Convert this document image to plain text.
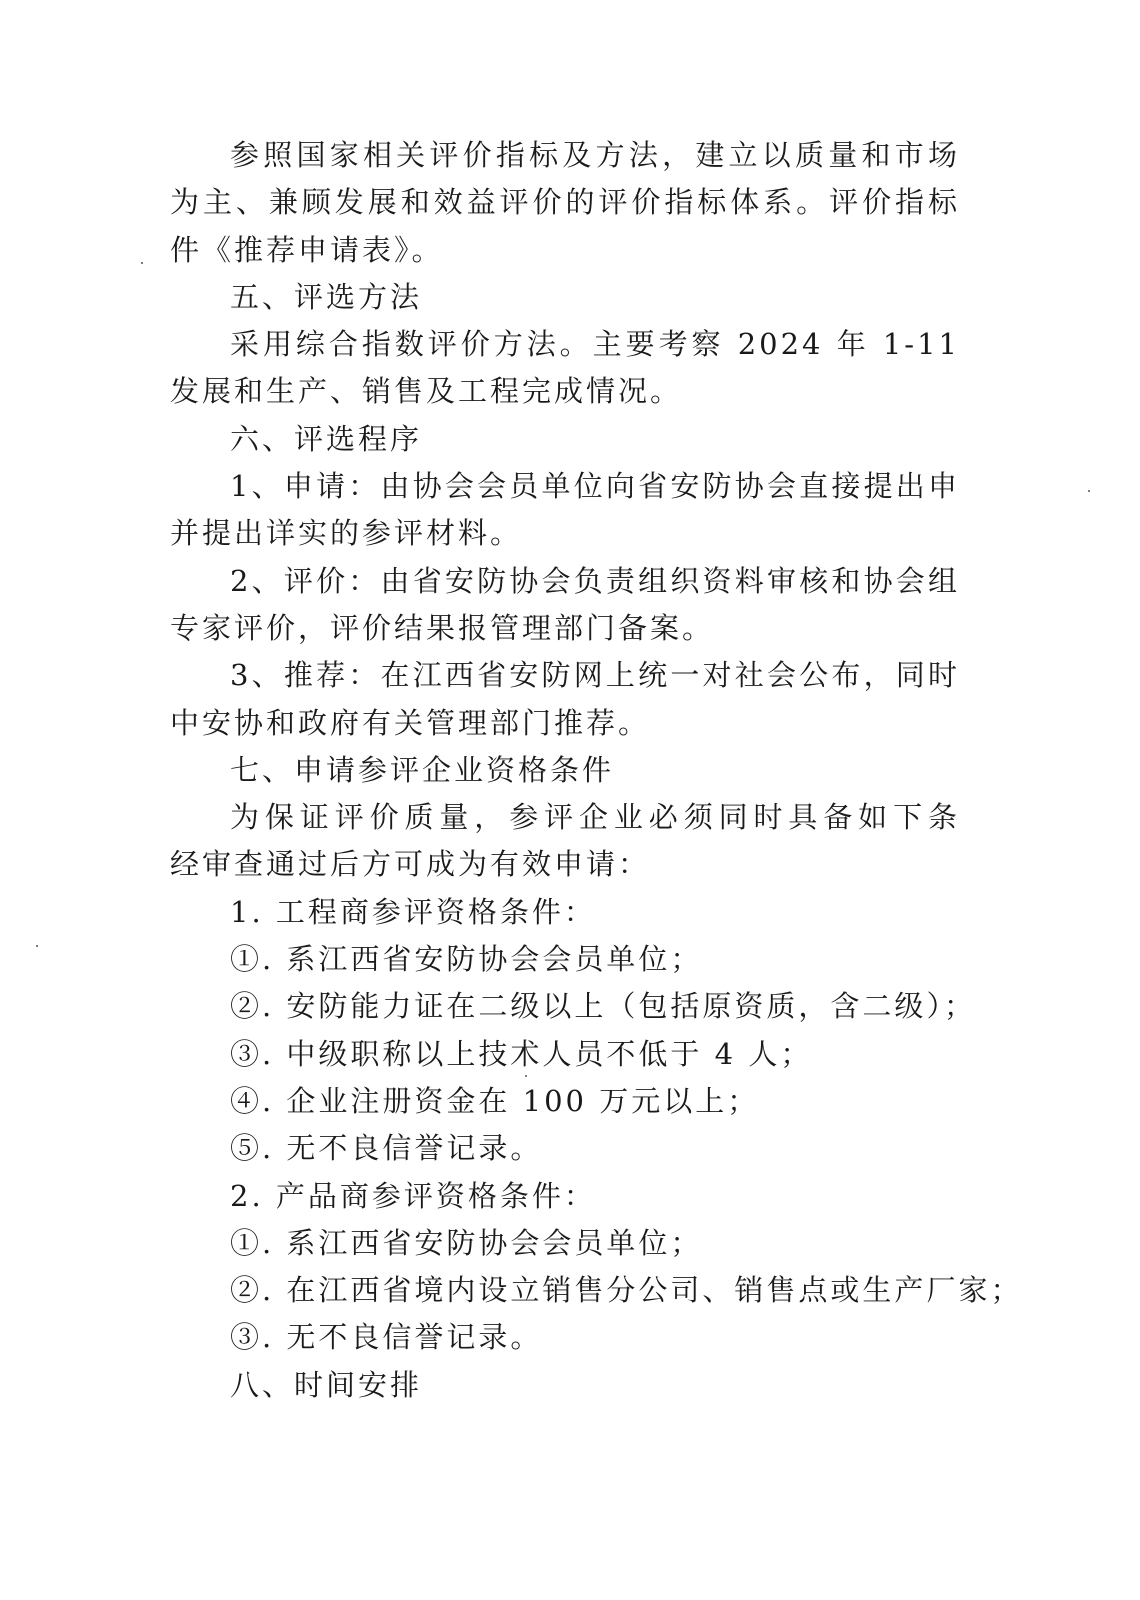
参照国家相关评价指标及方法，建立以质量和市场
为主、兼顾发展和效益评价的评价指标体系。评价指标
件《推荐申请表》。
五、评选方法
采用综合指数评价方法。主要考察 2024 年 1-11
发展和生产、销售及工程完成情况。
六、评选程序
1、申请：由协会会员单位向省安防协会直接提出申
并提出详实的参评材料。
2、评价：由省安防协会负责组织资料审核和协会组
专家评价，评价结果报管理部门备案。
3、推荐：在江西省安防网上统一对社会公布，同时
中安协和政府有关管理部门推荐。
七、申请参评企业资格条件
为保证评价质量，参评企业必须同时具备如下条
经审查通过后方可成为有效申请：
1. 工程商参评资格条件：
①. 系江西省安防协会会员单位；
②. 安防能力证在二级以上（包括原资质，含二级）；
③. 中级职称以上技术人员不低于 4 人；
④. 企业注册资金在 100 万元以上；
⑤. 无不良信誉记录。
2. 产品商参评资格条件：
①. 系江西省安防协会会员单位；
②. 在江西省境内设立销售分公司、销售点或生产厂家；
③. 无不良信誉记录。
八、时间安排
